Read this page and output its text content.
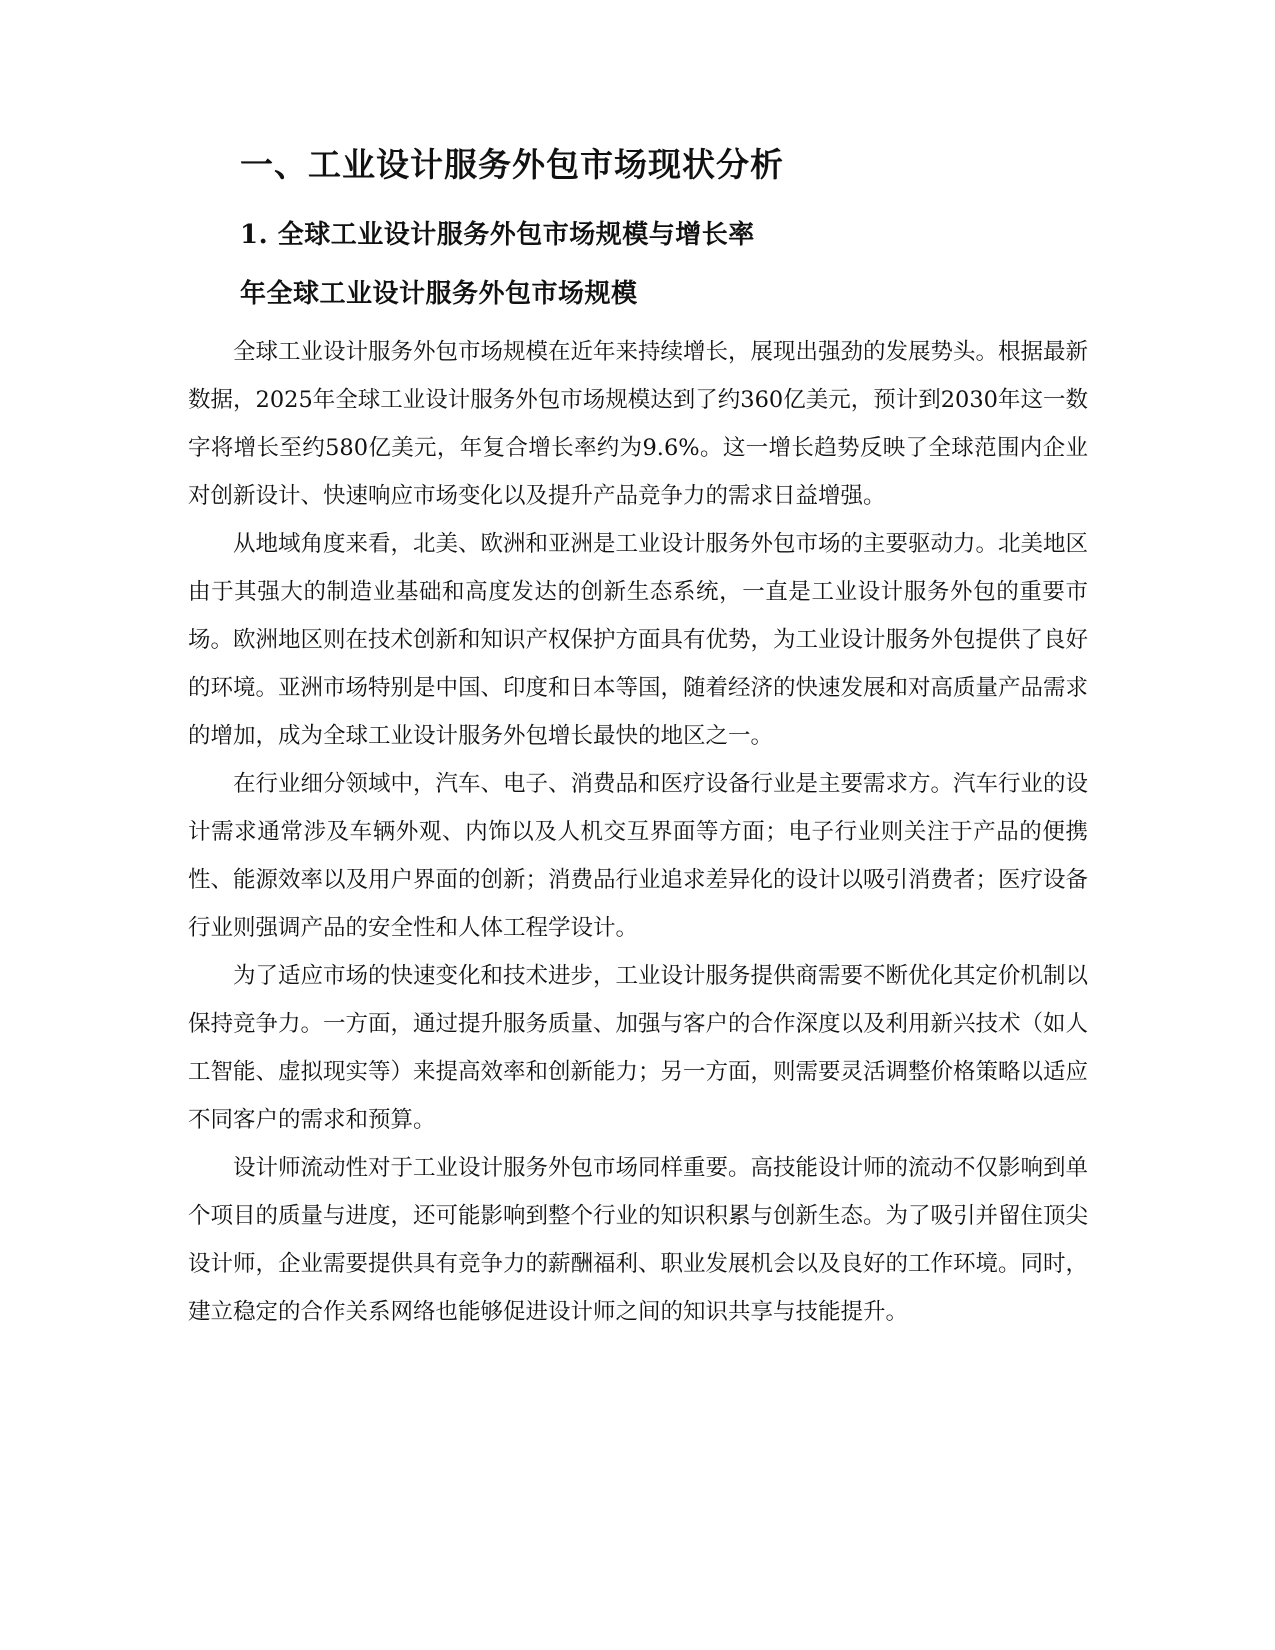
一、工业设计服务外包市场现状分析
1. 全球工业设计服务外包市场规模与增长率
年全球工业设计服务外包市场规模

全球工业设计服务外包市场规模在近年来持续增长，展现出强劲的发展势头。根据最新数据，2025年全球工业设计服务外包市场规模达到了约360亿美元，预计到2030年这一数字将增长至约580亿美元，年复合增长率约为9.6%。这一增长趋势反映了全球范围内企业对创新设计、快速响应市场变化以及提升产品竞争力的需求日益增强。

从地域角度来看，北美、欧洲和亚洲是工业设计服务外包市场的主要驱动力。北美地区由于其强大的制造业基础和高度发达的创新生态系统，一直是工业设计服务外包的重要市场。欧洲地区则在技术创新和知识产权保护方面具有优势，为工业设计服务外包提供了良好的环境。亚洲市场特别是中国、印度和日本等国，随着经济的快速发展和对高质量产品需求的增加，成为全球工业设计服务外包增长最快的地区之一。

在行业细分领域中，汽车、电子、消费品和医疗设备行业是主要需求方。汽车行业的设计需求通常涉及车辆外观、内饰以及人机交互界面等方面；电子行业则关注于产品的便携性、能源效率以及用户界面的创新；消费品行业追求差异化的设计以吸引消费者；医疗设备行业则强调产品的安全性和人体工程学设计。

为了适应市场的快速变化和技术进步，工业设计服务提供商需要不断优化其定价机制以保持竞争力。一方面，通过提升服务质量、加强与客户的合作深度以及利用新兴技术（如人工智能、虚拟现实等）来提高效率和创新能力；另一方面，则需要灵活调整价格策略以适应不同客户的需求和预算。

设计师流动性对于工业设计服务外包市场同样重要。高技能设计师的流动不仅影响到单个项目的质量与进度，还可能影响到整个行业的知识积累与创新生态。为了吸引并留住顶尖设计师，企业需要提供具有竞争力的薪酬福利、职业发展机会以及良好的工作环境。同时，建立稳定的合作关系网络也能够促进设计师之间的知识共享与技能提升。
